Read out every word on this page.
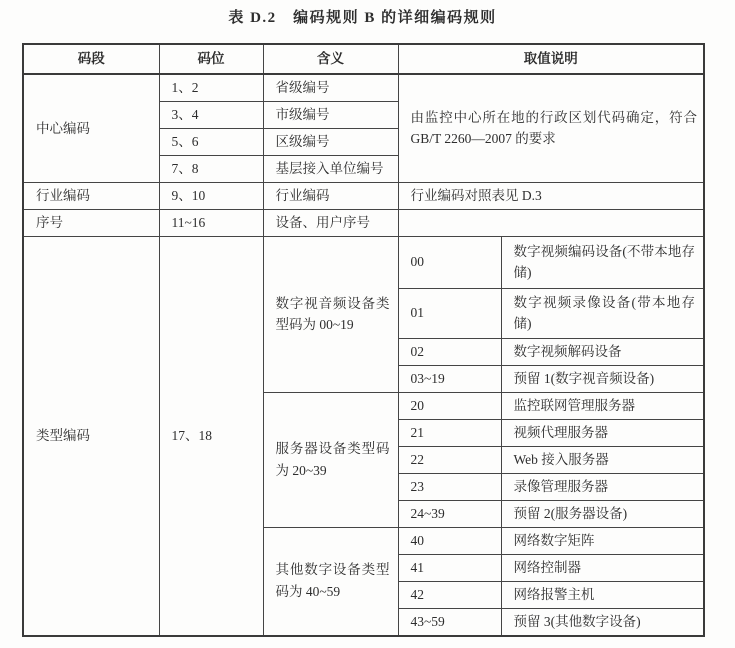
表 D.2　编码规则 B 的详细编码规则
码段	码位	含义	取值说明	
中心编码	1、2	省级编号	由监控中心所在地的行政区划代码确定，符合 GB/T 2260—2007 的要求	
	3、4	市级编号		
	5、6	区级编号		
	7、8	基层接入单位编号		
行业编码	9、10	行业编码	行业编码对照表见 D.3	
序号	11~16	设备、用户序号		
类型编码	17、18	数字视音频设备类型码为 00~19	00	数字视频编码设备(不带本地存储)
			01	数字视频录像设备(带本地存储)
			02	数字视频解码设备
			03~19	预留 1(数字视音频设备)
		服务器设备类型码为 20~39	20	监控联网管理服务器
			21	视频代理服务器
			22	Web 接入服务器
			23	录像管理服务器
			24~39	预留 2(服务器设备)
		其他数字设备类型码为 40~59	40	网络数字矩阵
			41	网络控制器
			42	网络报警主机
			43~59	预留 3(其他数字设备)
